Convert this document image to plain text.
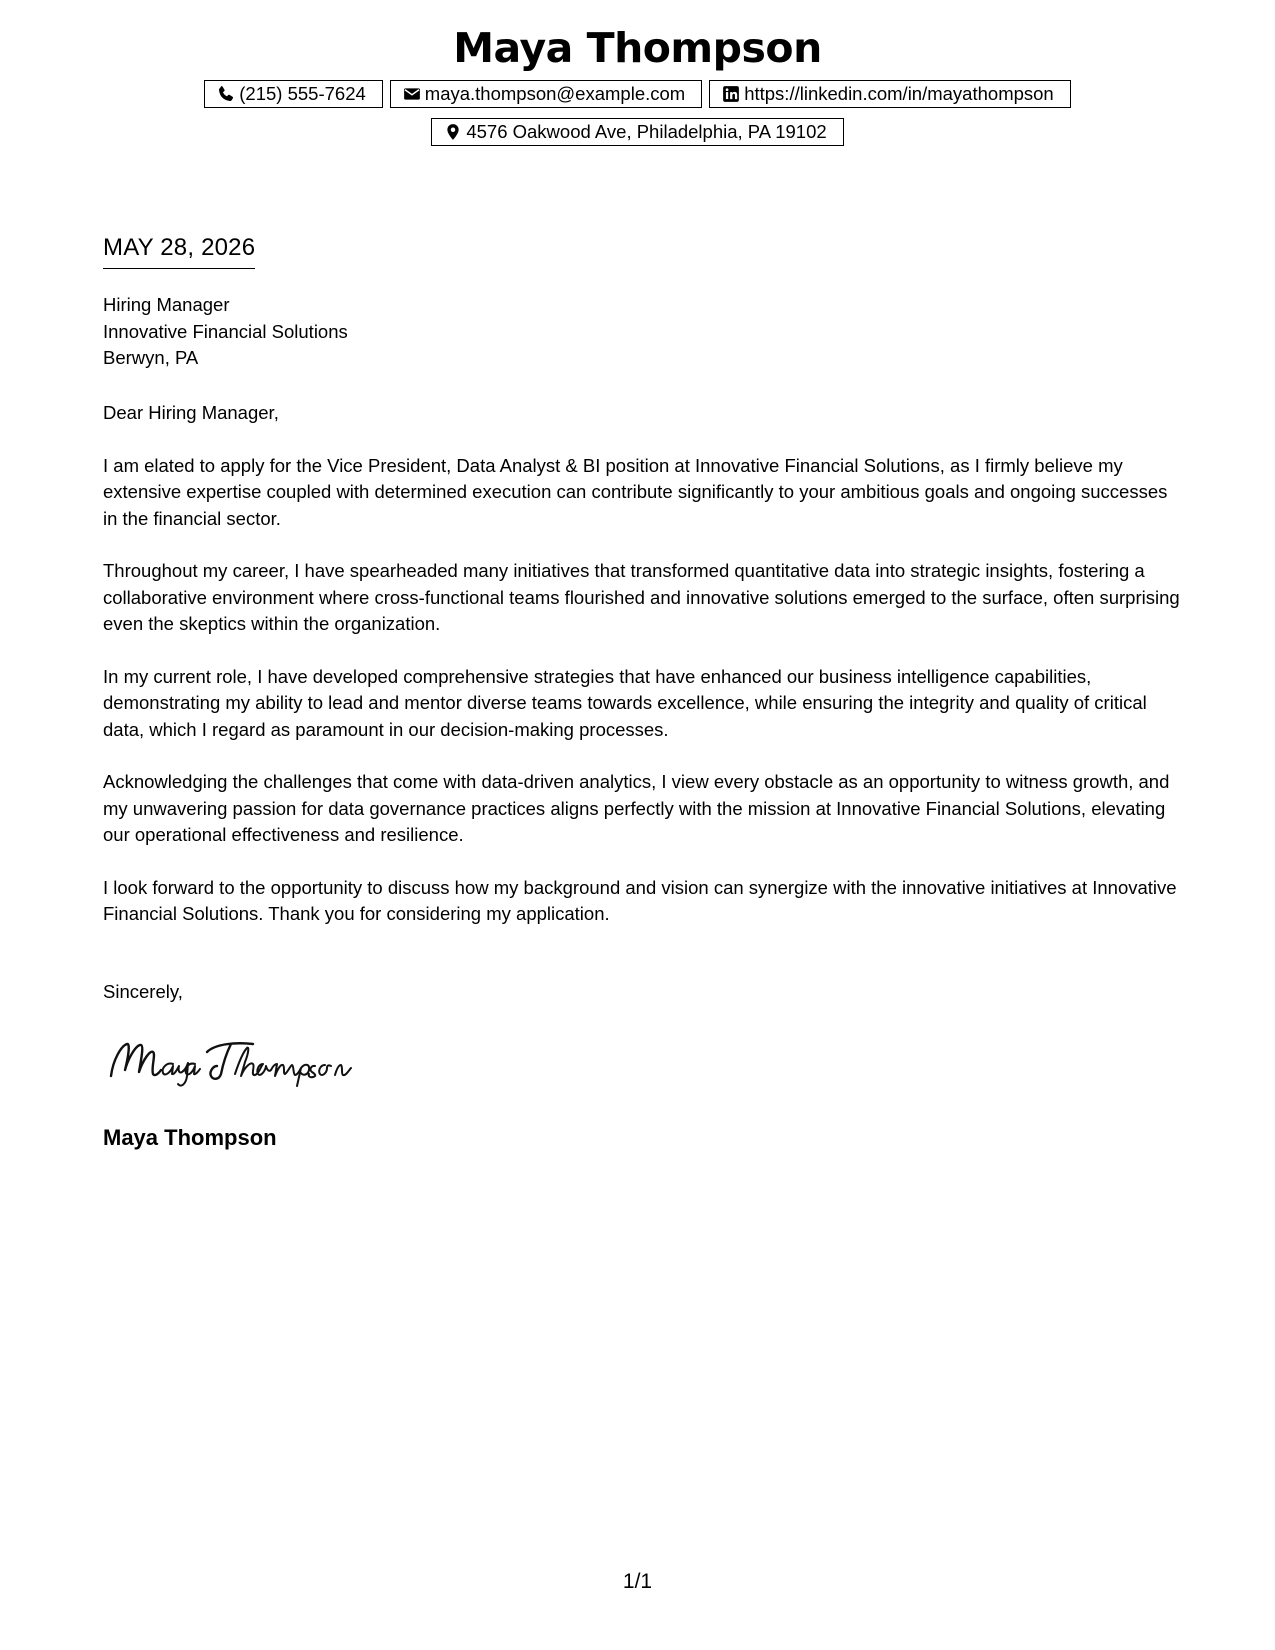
Maya Thompson
(215) 555-7624	maya.thompson@example.com	https://linkedin.com/in/mayathompson
4576 Oakwood Ave, Philadelphia, PA 19102
MAY 28, 2026
Hiring Manager
Innovative Financial Solutions
Berwyn, PA

Dear Hiring Manager,

I am elated to apply for the Vice President, Data Analyst & BI position at Innovative Financial Solutions, as I firmly believe my extensive expertise coupled with determined execution can contribute significantly to your ambitious goals and ongoing successes in the financial sector.

Throughout my career, I have spearheaded many initiatives that transformed quantitative data into strategic insights, fostering a collaborative environment where cross-functional teams flourished and innovative solutions emerged to the surface, often surprising even the skeptics within the organization.

In my current role, I have developed comprehensive strategies that have enhanced our business intelligence capabilities, demonstrating my ability to lead and mentor diverse teams towards excellence, while ensuring the integrity and quality of critical data, which I regard as paramount in our decision-making processes.

Acknowledging the challenges that come with data-driven analytics, I view every obstacle as an opportunity to witness growth, and my unwavering passion for data governance practices aligns perfectly with the mission at Innovative Financial Solutions, elevating our operational effectiveness and resilience.

I look forward to the opportunity to discuss how my background and vision can synergize with the innovative initiatives at Innovative Financial Solutions. Thank you for considering my application.

Sincerely,
Maya Thompson
1/1
